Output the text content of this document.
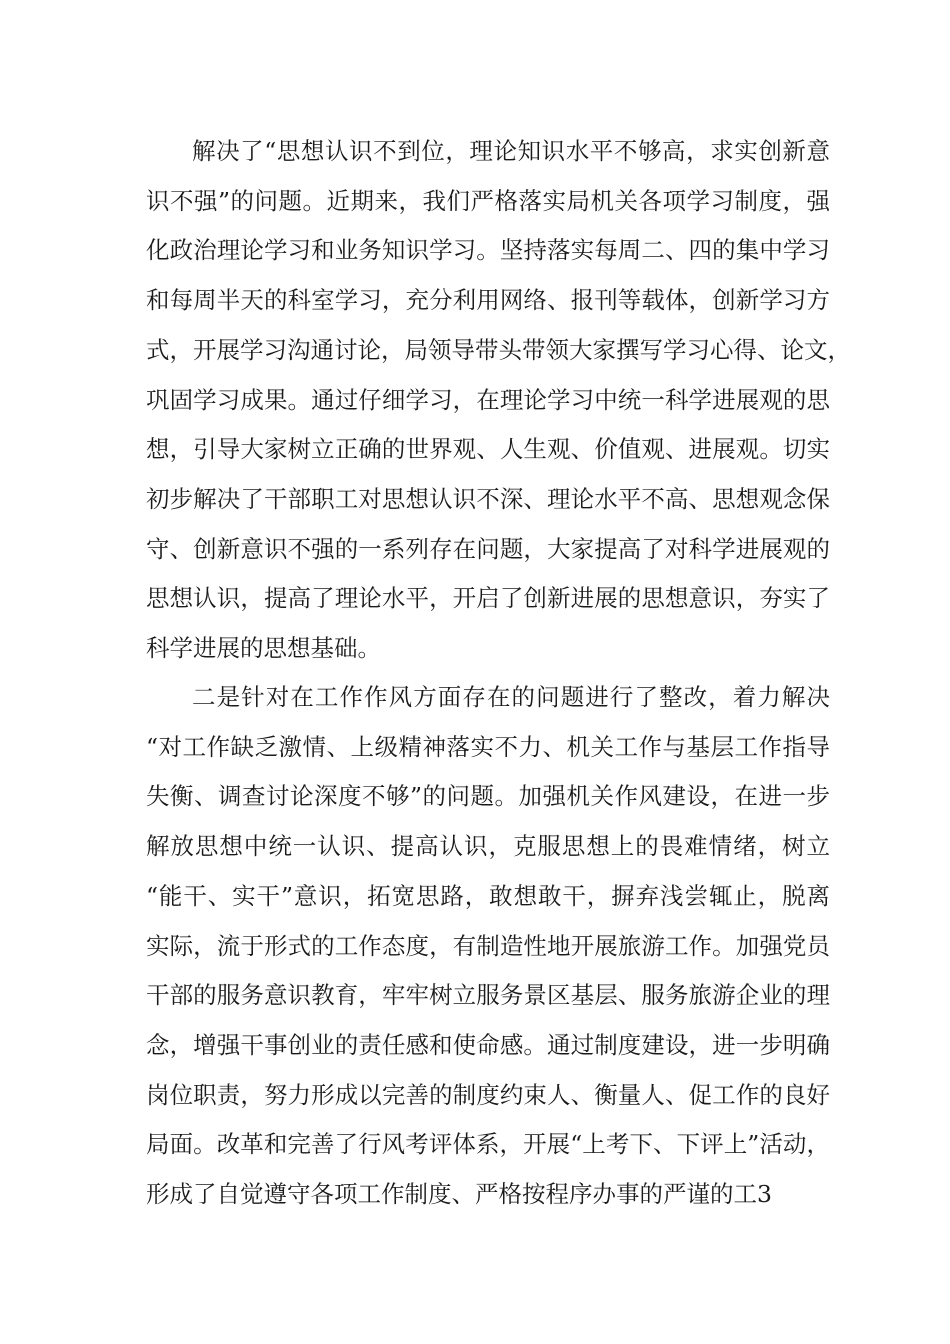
解决了“思想认识不到位，理论知识水平不够高，求实创新意
识不强”的问题。近期来，我们严格落实局机关各项学习制度，强
化政治理论学习和业务知识学习。坚持落实每周二、四的集中学习
和每周半天的科室学习，充分利用网络、报刊等载体，创新学习方
式，开展学习沟通讨论，局领导带头带领大家撰写学习心得、论文，
巩固学习成果。通过仔细学习，在理论学习中统一科学进展观的思
想，引导大家树立正确的世界观、人生观、价值观、进展观。切实
初步解决了干部职工对思想认识不深、理论水平不高、思想观念保
守、创新意识不强的一系列存在问题，大家提高了对科学进展观的
思想认识，提高了理论水平，开启了创新进展的思想意识，夯实了
科学进展的思想基础。
二是针对在工作作风方面存在的问题进行了整改，着力解决
“对工作缺乏激情、上级精神落实不力、机关工作与基层工作指导
失衡、调查讨论深度不够”的问题。加强机关作风建设，在进一步
解放思想中统一认识、提高认识，克服思想上的畏难情绪，树立
“能干、实干”意识，拓宽思路，敢想敢干，摒弃浅尝辄止，脱离
实际，流于形式的工作态度，有制造性地开展旅游工作。加强党员
干部的服务意识教育，牢牢树立服务景区基层、服务旅游企业的理
念，增强干事创业的责任感和使命感。通过制度建设，进一步明确
岗位职责，努力形成以完善的制度约束人、衡量人、促工作的良好
局面。改革和完善了行风考评体系，开展“上考下、下评上”活动，
形成了自觉遵守各项工作制度、严格按程序办事的严谨的工3
